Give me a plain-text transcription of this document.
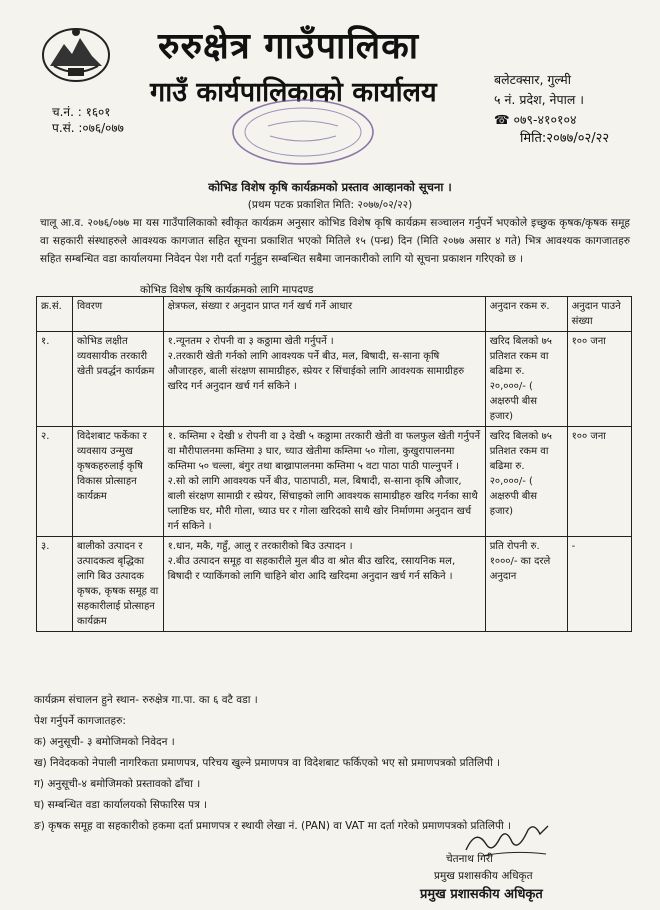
रुरुक्षेत्र गाउँपालिका
गाउँ कार्यपालिकाको कार्यालय	बलेटक्सार, गुल्मी
५ नं. प्रदेश, नेपाल ।
☎ ०७९-४१०१०४
च.नं. : १६०१
प.सं. :०७६/०७७
मिति:२०७७/०२/२२
कोभिड विशेष कृषि कार्यक्रमको प्रस्ताव आव्हानको सूचना ।
(प्रथम पटक प्रकाशित मिति: २०७७/०२/२२)
चालू आ.व. २०७६/०७७ मा यस गाउँपालिकाको स्वीकृत कार्यक्रम अनुसार कोभिड विशेष कृषि कार्यक्रम सञ्चालन गर्नुपर्ने भएकोले इच्छुक कृषक/कृषक समूह वा सहकारी संस्थाहरुले आवश्यक कागजात सहित सूचना प्रकाशित भएको मितिले १५ (पन्ध्र) दिन (मिति २०७७ असार ४ गते) भित्र आवश्यक कागजातहरु सहित सम्बन्धित वडा कार्यालयमा निवेदन पेश गरी दर्ता गर्नुहुन सम्बन्धित सबैमा जानकारीको लागि यो सूचना प्रकाशन गरिएको छ ।
कोभिड विशेष कृषि कार्यक्रमको लागि मापदण्ड
क्र.सं.	विवरण	क्षेत्रफल, संख्या र अनुदान प्राप्त गर्न खर्च गर्ने आधार	अनुदान रकम रु.	अनुदान पाउने संख्या
१.	कोभिड लक्षीत व्यवसायीक तरकारी खेती प्रवर्द्धन कार्यक्रम	१.न्यूनतम २ रोपनी वा ३ कठ्ठामा खेती गर्नुपर्ने ।
२.तरकारी खेती गर्नको लागि आवश्यक पर्ने बीउ, मल, बिषादी, स-साना कृषि औजारहरु, बाली संरक्षण सामाग्रीहरु, स्प्रेयर र सिंचाईको लागि आवश्यक सामाग्रीहरु खरिद गर्न अनुदान खर्च गर्न सकिने ।	खरिद बिलको ७५ प्रतिशत रकम वा बढिमा रु. २०,०००/- ( अक्षरुपी बीस हजार)	१०० जना
२.	विदेशबाट फर्केका र व्यवसाय उन्मुख कृषकहरुलाई कृषि विकास प्रोत्साहन कार्यक्रम	१. कम्तिमा २ देखी ४ रोपनी वा ३ देखी ५ कठ्ठामा तरकारी खेती वा फलफुल खेती गर्नुपर्ने वा मौरीपालनमा कम्तिमा ३ घार, च्याउ खेतीमा कम्तिमा ५० गोला, कुखुरापालनमा कम्तिमा ५० चल्ला, बंगुर तथा बाख्रापालनमा कम्तिमा ५ वटा पाठा पाठी पाल्नुपर्ने ।
२.सो को लागि आवश्यक पर्ने बीउ, पाठापाठी, मल, बिषादी, स-साना कृषि औजार, बाली संरक्षण सामाग्री र स्प्रेयर, सिंचाइको लागि आवश्यक सामाग्रीहरु खरिद गर्नका साथै प्लाष्टिक घर, मौरी गोला, च्याउ घर र गोला खरिदको साथै खोर निर्माणमा अनुदान खर्च गर्न सकिने ।	खरिद बिलको ७५ प्रतिशत रकम वा बढिमा रु. २०,०००/- ( अक्षरुपी बीस हजार)	१०० जना
३.	बालीको उत्पादन र उत्पादकत्व बृद्धिका लागि बिउ उत्पादक कृषक, कृषक समूह वा सहकारीलाई प्रोत्साहन कार्यक्रम	१.धान, मकै, गहुँ, आलु र तरकारीको बिउ उत्पादन ।
२.बीउ उत्पादन समूह वा सहकारीले मुल बीउ वा श्रोत बीउ खरिद, रसायनिक मल, बिषादी र प्याकिंगको लागि चाहिने बोरा आदि खरिदमा अनुदान खर्च गर्न सकिने ।	प्रति रोपनी रु. १०००/- का दरले अनुदान	-
कार्यक्रम संचालन हुने स्थान- रुरुक्षेत्र गा.पा. का ६ वटै वडा ।
पेश गर्नुपर्ने कागजातहरु:
क) अनुसूची- ३ बमोजिमको निवेदन ।
ख) निवेदकको नेपाली नागरिकता प्रमाणपत्र, परिचय खुल्ने प्रमाणपत्र वा विदेशबाट फर्किएको भए सो प्रमाणपत्रको प्रतिलिपी ।
ग) अनुसूची-४ बमोजिमको प्रस्तावको ढाँचा ।
घ) सम्बन्धित वडा कार्यालयको सिफारिस पत्र ।
ङ) कृषक समूह वा सहकारीको हकमा दर्ता प्रमाणपत्र र स्थायी लेखा नं. (PAN) वा VAT मा दर्ता गरेको प्रमाणपत्रको प्रतिलिपी ।
चेतनाथ गिरी
प्रमुख प्रशासकीय अधिकृत
प्रमुख प्रशासकीय अधिकृत
